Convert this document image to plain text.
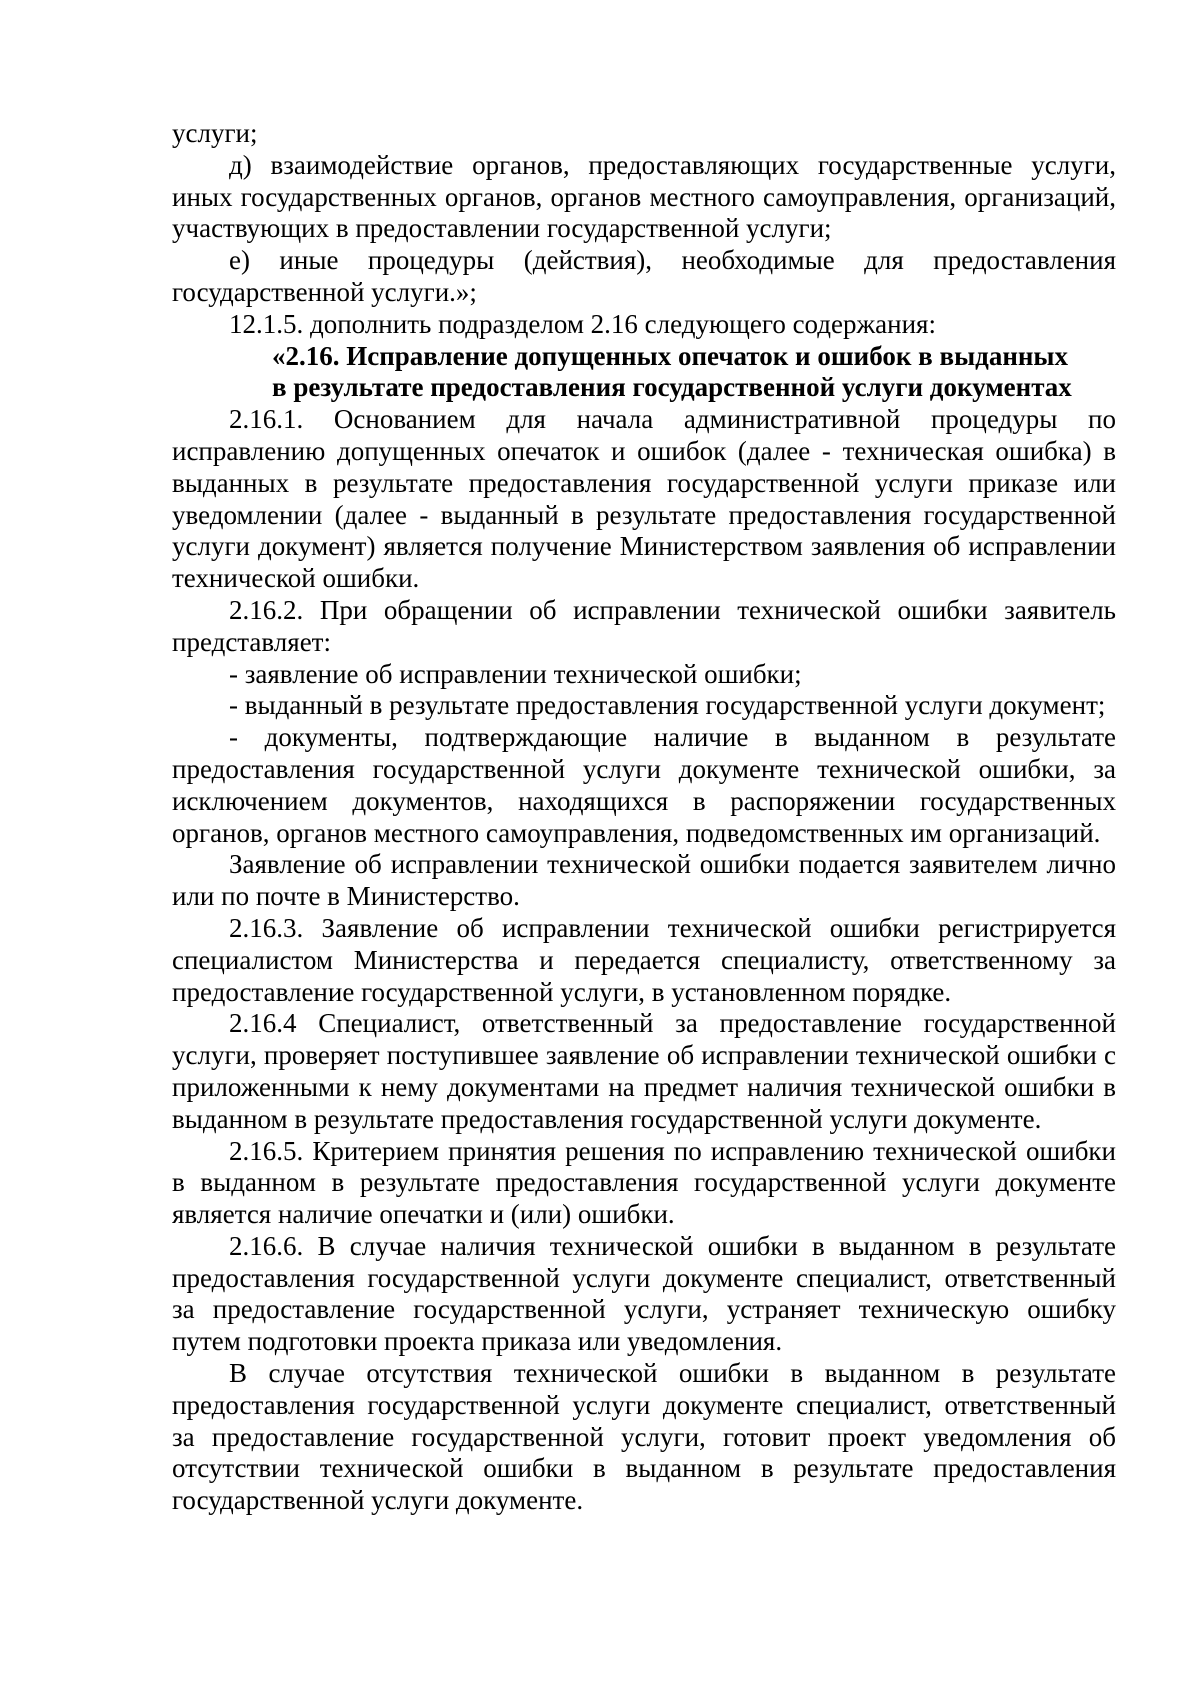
услуги;

д) взаимодействие органов, предоставляющих государственные услуги, иных государственных органов, органов местного самоуправления, организаций, участвующих в предоставлении государственной услуги;

е) иные процедуры (действия), необходимые для предоставления государственной услуги.»;

12.1.5. дополнить подразделом 2.16 следующего содержания:

«2.16. Исправление допущенных опечаток и ошибок в выданных

в результате предоставления государственной услуги документах

2.16.1. Основанием для начала административной процедуры по исправлению допущенных опечаток и ошибок (далее - техническая ошибка) в выданных в результате предоставления государственной услуги приказе или уведомлении (далее - выданный в результате предоставления государственной услуги документ) является получение Министерством заявления об исправлении технической ошибки.

2.16.2. При обращении об исправлении технической ошибки заявитель представляет:

- заявление об исправлении технической ошибки;

- выданный в результате предоставления государственной услуги документ;

- документы, подтверждающие наличие в выданном в результате предоставления государственной услуги документе технической ошибки, за исключением документов, находящихся в распоряжении государственных органов, органов местного самоуправления, подведомственных им организаций.

Заявление об исправлении технической ошибки подается заявителем лично или по почте в Министерство.

2.16.3. Заявление об исправлении технической ошибки регистрируется специалистом Министерства и передается специалисту, ответственному за предоставление государственной услуги, в установленном порядке.

2.16.4 Специалист, ответственный за предоставление государственной услуги, проверяет поступившее заявление об исправлении технической ошибки с приложенными к нему документами на предмет наличия технической ошибки в выданном в результате предоставления государственной услуги документе.

2.16.5. Критерием принятия решения по исправлению технической ошибки в выданном в результате предоставления государственной услуги документе является наличие опечатки и (или) ошибки.

2.16.6. В случае наличия технической ошибки в выданном в результате предоставления государственной услуги документе специалист, ответственный за предоставление государственной услуги, устраняет техническую ошибку путем подготовки проекта приказа или уведомления.

В случае отсутствия технической ошибки в выданном в результате предоставления государственной услуги документе специалист, ответственный за предоставление государственной услуги, готовит проект уведомления об отсутствии технической ошибки в выданном в результате предоставления государственной услуги документе.
